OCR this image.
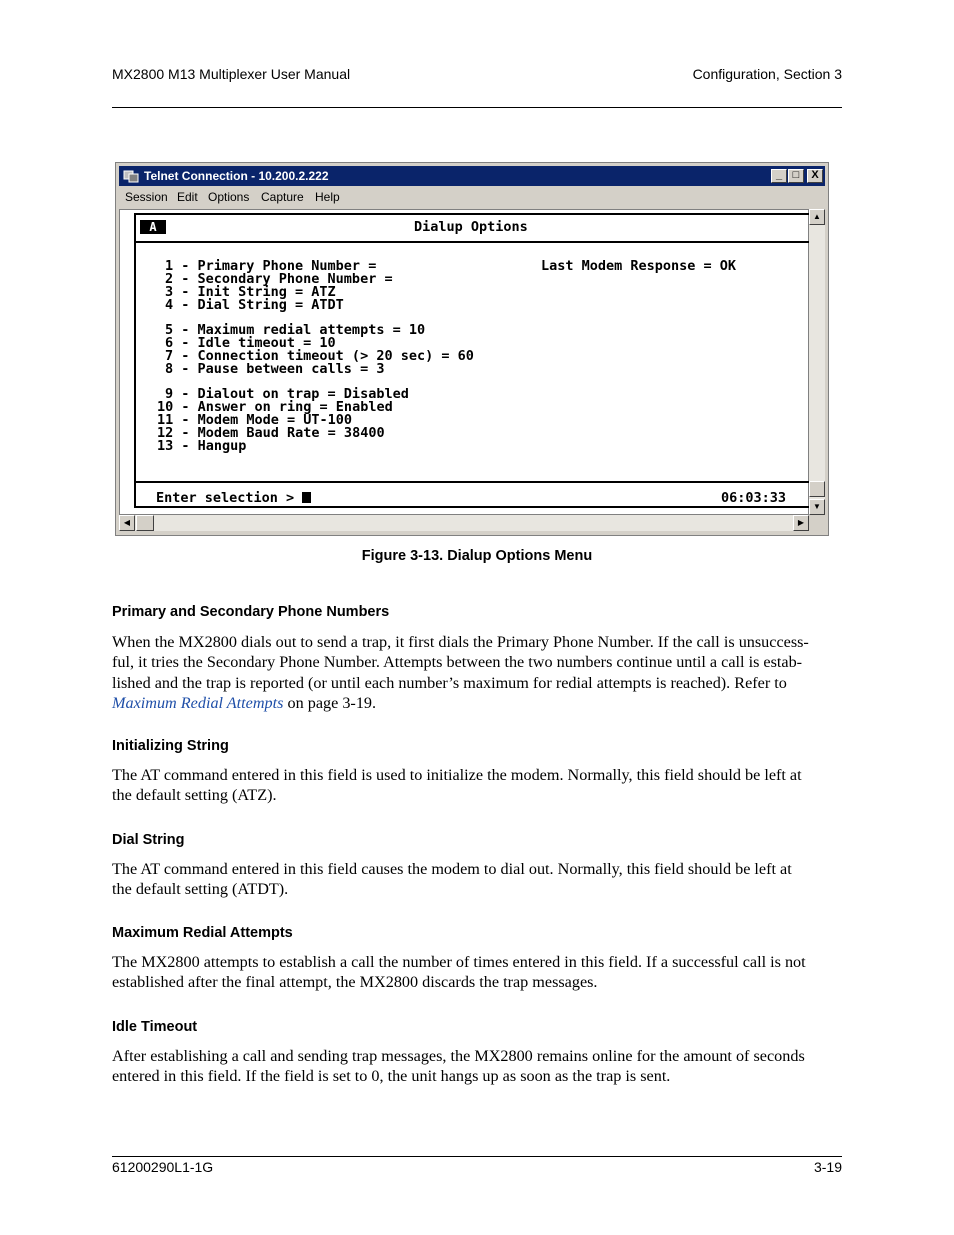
MX2800 M13 Multiplexer User Manual	Configuration, Section 3
Telnet Connection - 10.200.2.222	_ □	X
Session Edit Options Capture Help
A	Dialup Options
Last Modem Response = OK
1 - Primary Phone Number =
2 - Secondary Phone Number =
3 - Init String = ATZ
4 - Dial String = ATDT
5 - Maximum redial attempts = 10
6 - Idle timeout = 10
7 - Connection timeout (> 20 sec) = 60
8 - Pause between calls = 3
9 - Dialout on trap = Disabled
10 - Answer on ring = Enabled
11 - Modem Mode = UT-100
12 - Modem Baud Rate = 38400
13 - Hangup
Enter selection >	06:03:33
▲
▼
◀	▶
Figure 3-13. Dialup Options Menu
Primary and Secondary Phone Numbers
When the MX2800 dials out to send a trap, it first dials the Primary Phone Number. If the call is unsuccess-
ful, it tries the Secondary Phone Number. Attempts between the two numbers continue until a call is estab-
lished and the trap is reported (or until each number’s maximum for redial attempts is reached). Refer to
Maximum Redial Attempts on page 3-19.
Initializing String
The AT command entered in this field is used to initialize the modem. Normally, this field should be left at
the default setting (ATZ).
Dial String
The AT command entered in this field causes the modem to dial out. Normally, this field should be left at
the default setting (ATDT).
Maximum Redial Attempts
The MX2800 attempts to establish a call the number of times entered in this field. If a successful call is not
established after the final attempt, the MX2800 discards the trap messages.
Idle Timeout
After establishing a call and sending trap messages, the MX2800 remains online for the amount of seconds
entered in this field. If the field is set to 0, the unit hangs up as soon as the trap is sent.
61200290L1-1G	3-19
